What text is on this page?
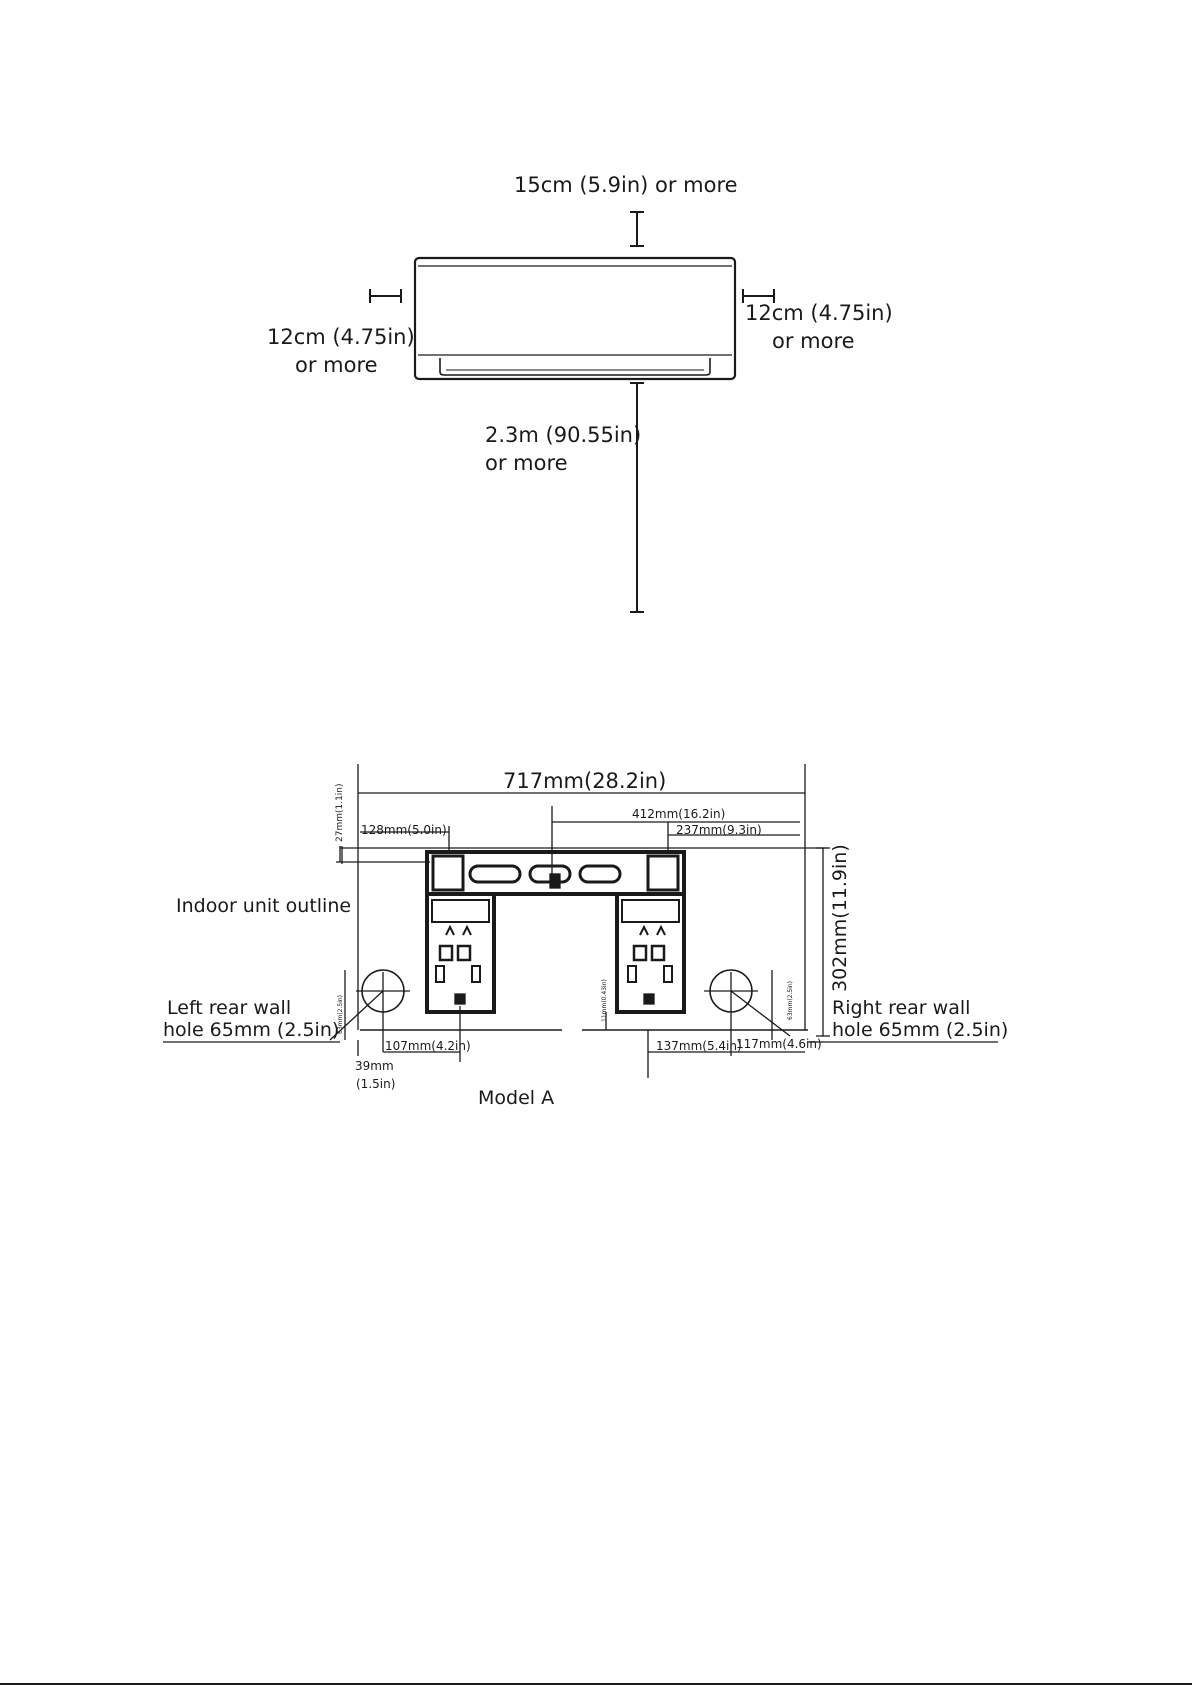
15cm (5.9in) or more
12cm (4.75in)
or more
12cm (4.75in)
or more
2.3m (90.55in)
or more
717mm(28.2in)
412mm(16.2in)
237mm(9.3in)
128mm(5.0in)
27mm(1.1in)
302mm(11.9in)
Indoor unit outline
Left rear wall
hole 65mm (2.5in)
Right rear wall
hole 65mm (2.5in)
107mm(4.2in)
39mm
(1.5in)
137mm(5.4in)
117mm(4.6in)
63mm(2.5in)	63mm(2.5in)
11mm(0.43in)
Model A
